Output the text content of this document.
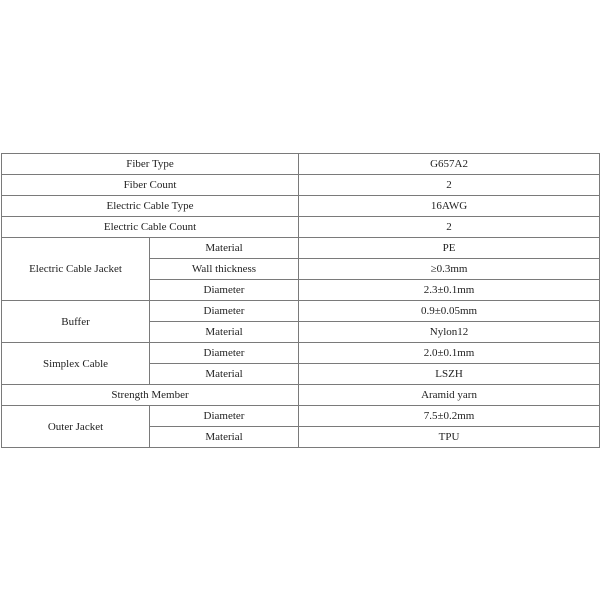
Fiber Type		G657A2
Fiber Count		2
Electric Cable Type		16AWG
Electric Cable Count		2
Electric Cable Jacket	Material	PE
	Wall thickness	≥0.3mm
	Diameter	2.3±0.1mm
Buffer	Diameter	0.9±0.05mm
	Material	Nylon12
Simplex Cable	Diameter	2.0±0.1mm
	Material	LSZH
Strength Member		Aramid yarn
Outer Jacket	Diameter	7.5±0.2mm
	Material	TPU
